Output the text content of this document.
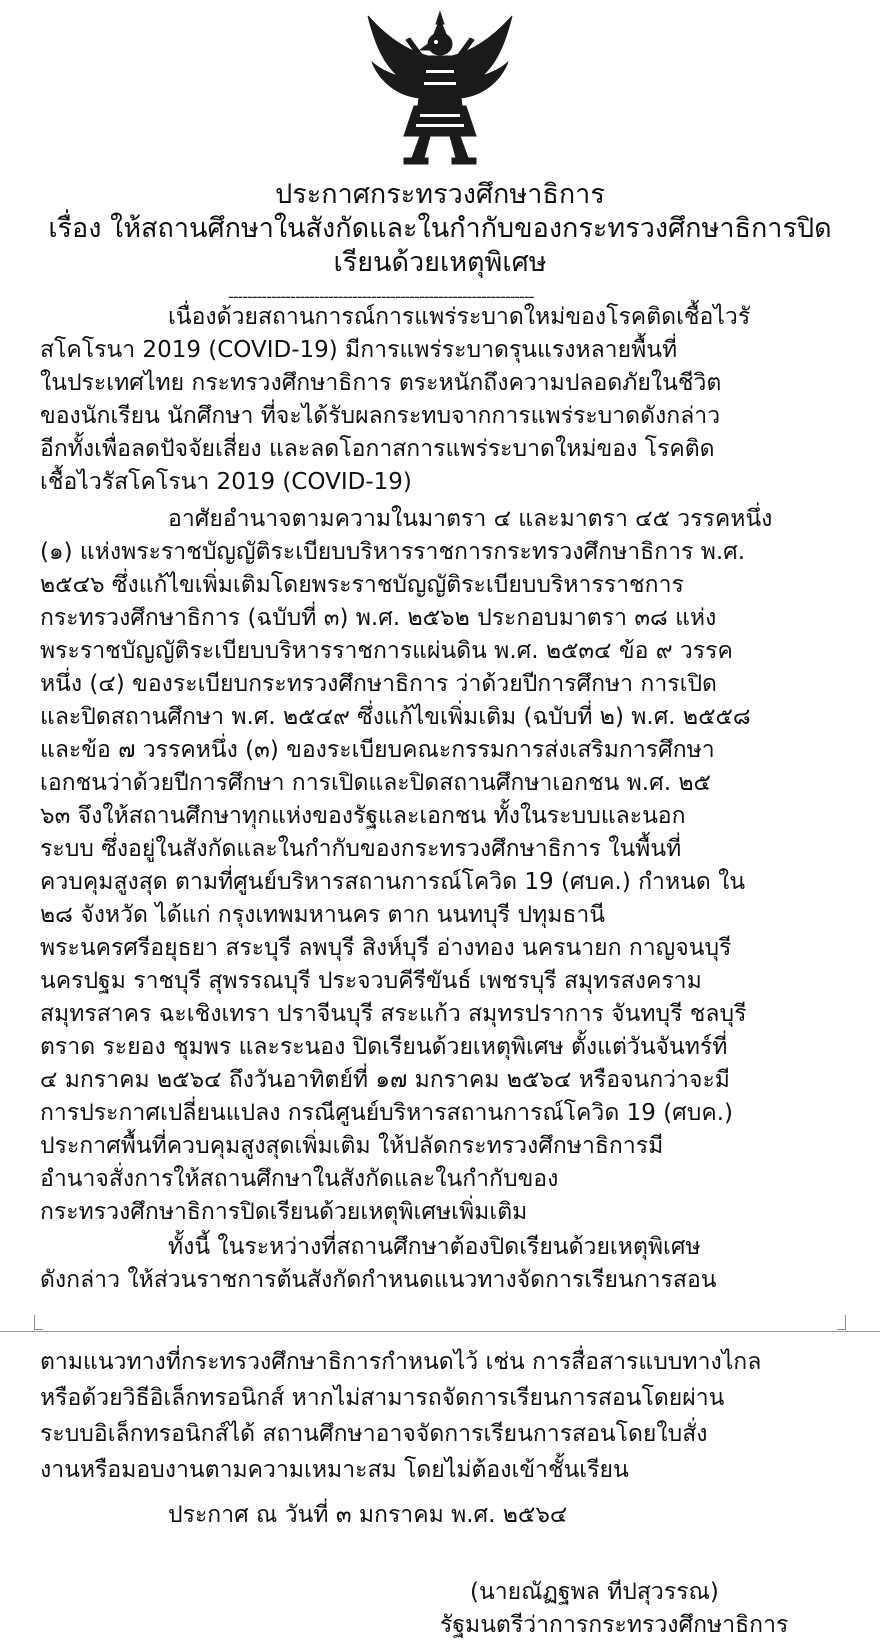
ประกาศกระทรวงศึกษาธิการ
เรื่อง ให้สถานศึกษาในสังกัดและในกำกับของกระทรวงศึกษาธิการปิด
เรียนด้วยเหตุพิเศษ
----------------------------------------------------------------
เนื่องด้วยสถานการณ์การแพร่ระบาดใหม่ของโรคติดเชื้อไวรั
สโคโรนา 2019 (COVID-19) มีการแพร่ระบาดรุนแรงหลายพื้นที่
ในประเทศไทย กระทรวงศึกษาธิการ ตระหนักถึงความปลอดภัยในชีวิต
ของนักเรียน นักศึกษา ที่จะได้รับผลกระทบจากการแพร่ระบาดดังกล่าว
อีกทั้งเพื่อลดปัจจัยเสี่ยง และลดโอกาสการแพร่ระบาดใหม่ของ โรคติด
เชื้อไวรัสโคโรนา 2019 (COVID-19)
อาศัยอำนาจตามความในมาตรา ๔ และมาตรา ๔๕ วรรคหนึ่ง
(๑) แห่งพระราชบัญญัติระเบียบบริหารราชการกระทรวงศึกษาธิการ พ.ศ.
๒๕๔๖ ซึ่งแก้ไขเพิ่มเติมโดยพระราชบัญญัติระเบียบบริหารราชการ
กระทรวงศึกษาธิการ (ฉบับที่ ๓) พ.ศ. ๒๕๖๒ ประกอบมาตรา ๓๘ แห่ง
พระราชบัญญัติระเบียบบริหารราชการแผ่นดิน พ.ศ. ๒๕๓๔ ข้อ ๙ วรรค
หนึ่ง (๔) ของระเบียบกระทรวงศึกษาธิการ ว่าด้วยปีการศึกษา การเปิด
และปิดสถานศึกษา พ.ศ. ๒๕๔๙ ซึ่งแก้ไขเพิ่มเติม (ฉบับที่ ๒) พ.ศ. ๒๕๕๘
และข้อ ๗ วรรคหนึ่ง (๓) ของระเบียบคณะกรรมการส่งเสริมการศึกษา
เอกชนว่าด้วยปีการศึกษา การเปิดและปิดสถานศึกษาเอกชน พ.ศ. ๒๕
๖๓ จึงให้สถานศึกษาทุกแห่งของรัฐและเอกชน ทั้งในระบบและนอก
ระบบ ซึ่งอยู่ในสังกัดและในกำกับของกระทรวงศึกษาธิการ ในพื้นที่
ควบคุมสูงสุด ตามที่ศูนย์บริหารสถานการณ์โควิด 19 (ศบค.) กำหนด ใน
๒๘ จังหวัด ได้แก่ กรุงเทพมหานคร ตาก นนทบุรี ปทุมธานี
พระนครศรีอยุธยา สระบุรี ลพบุรี สิงห์บุรี อ่างทอง นครนายก กาญจนบุรี
นครปฐม ราชบุรี สุพรรณบุรี ประจวบคีรีขันธ์ เพชรบุรี สมุทรสงคราม
สมุทรสาคร ฉะเชิงเทรา ปราจีนบุรี สระแก้ว สมุทรปราการ จันทบุรี ชลบุรี
ตราด ระยอง ชุมพร และระนอง ปิดเรียนด้วยเหตุพิเศษ ตั้งแต่วันจันทร์ที่
๔ มกราคม ๒๕๖๔ ถึงวันอาทิตย์ที่ ๑๗ มกราคม ๒๕๖๔ หรือจนกว่าจะมี
การประกาศเปลี่ยนแปลง กรณีศูนย์บริหารสถานการณ์โควิด 19 (ศบค.)
ประกาศพื้นที่ควบคุมสูงสุดเพิ่มเติม ให้ปลัดกระทรวงศึกษาธิการมี
อำนาจสั่งการให้สถานศึกษาในสังกัดและในกำกับของ
กระทรวงศึกษาธิการปิดเรียนด้วยเหตุพิเศษเพิ่มเติม
ทั้งนี้ ในระหว่างที่สถานศึกษาต้องปิดเรียนด้วยเหตุพิเศษ
ดังกล่าว ให้ส่วนราชการต้นสังกัดกำหนดแนวทางจัดการเรียนการสอน
ตามแนวทางที่กระทรวงศึกษาธิการกำหนดไว้ เช่น การสื่อสารแบบทางไกล
หรือด้วยวิธีอิเล็กทรอนิกส์ หากไม่สามารถจัดการเรียนการสอนโดยผ่าน
ระบบอิเล็กทรอนิกส์ได้ สถานศึกษาอาจจัดการเรียนการสอนโดยใบสั่ง
งานหรือมอบงานตามความเหมาะสม โดยไม่ต้องเข้าชั้นเรียน
ประกาศ ณ วันที่ ๓ มกราคม พ.ศ. ๒๕๖๔
(นายณัฏฐพล ทีปสุวรรณ)
รัฐมนตรีว่าการกระทรวงศึกษาธิการ
